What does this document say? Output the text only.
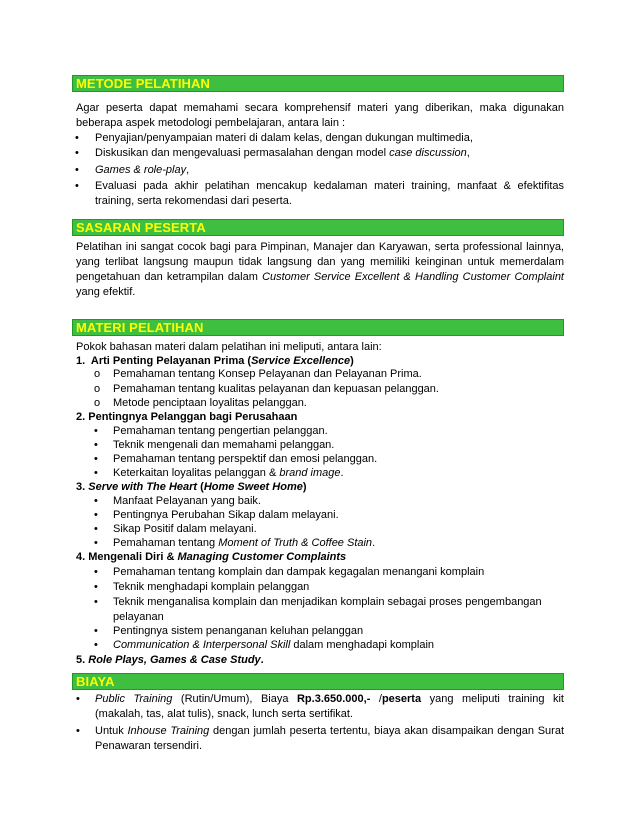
METODE PELATIHAN
Agar peserta dapat memahami secara komprehensif materi yang diberikan, maka digunakan beberapa aspek metodologi pembelajaran, antara lain :
• Penyajian/penyampaian materi di dalam kelas, dengan dukungan multimedia,
• Diskusikan dan mengevaluasi permasalahan dengan model case discussion,
• Games & role-play,
• Evaluasi pada akhir pelatihan mencakup kedalaman materi training, manfaat & efektifitas training, serta rekomendasi dari peserta.
SASARAN PESERTA
Pelatihan ini sangat cocok bagi para Pimpinan, Manajer dan Karyawan, serta professional lainnya, yang terlibat langsung maupun tidak langsung dan yang memiliki keinginan untuk memerdalam pengetahuan dan ketrampilan dalam Customer Service Excellent & Handling Customer Complaint yang efektif.
MATERI PELATIHAN
Pokok bahasan materi dalam pelatihan ini meliputi, antara lain:
1. Arti Penting Pelayanan Prima (Service Excellence)
o Pemahaman tentang Konsep Pelayanan dan Pelayanan Prima.
o Pemahaman tentang kualitas pelayanan dan kepuasan pelanggan.
o Metode penciptaan loyalitas pelanggan.
2. Pentingnya Pelanggan bagi Perusahaan
• Pemahaman tentang pengertian pelanggan.
• Teknik mengenali dan memahami pelanggan.
• Pemahaman tentang perspektif dan emosi pelanggan.
• Keterkaitan loyalitas pelanggan & brand image.
3. Serve with The Heart (Home Sweet Home)
• Manfaat Pelayanan yang baik.
• Pentingnya Perubahan Sikap dalam melayani.
• Sikap Positif dalam melayani.
• Pemahaman tentang Moment of Truth & Coffee Stain.
4. Mengenali Diri & Managing Customer Complaints
• Pemahaman tentang komplain dan dampak kegagalan menangani komplain
• Teknik menghadapi komplain pelanggan
• Teknik menganalisa komplain dan menjadikan komplain sebagai proses pengembangan pelayanan
• Pentingnya sistem penanganan keluhan pelanggan
• Communication & Interpersonal Skill dalam menghadapi komplain
5. Role Plays, Games & Case Study.
BIAYA
• Public Training (Rutin/Umum), Biaya Rp.3.650.000,- /peserta yang meliputi training kit (makalah, tas, alat tulis), snack, lunch serta sertifikat.
• Untuk Inhouse Training dengan jumlah peserta tertentu, biaya akan disampaikan dengan Surat Penawaran tersendiri.
